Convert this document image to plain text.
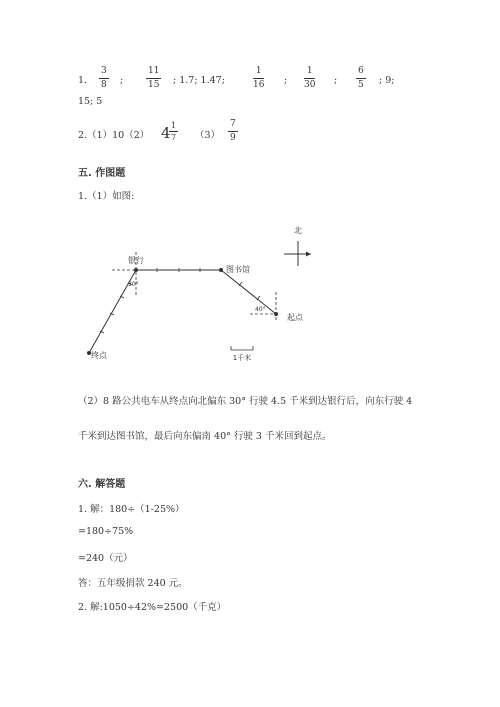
1.
3
8 ;
11
15 ; 1.7; 1.47;
1
16 ;
1
30 ;
6
5 ; 9;
15; 5
2.（1）10（2） 4 1
7 （3）
7
9
五. 作图题
1.（1）如图:
北
银行
图书馆
起点
终点
30°
40°
1千米
（2）8 路公共电车从终点向北偏东 30° 行驶 4.5 千米到达银行后，向东行驶 4
千米到达图书馆，最后向东偏南 40° 行驶 3 千米回到起点。
六. 解答题
1. 解：180÷（1-25%）
=180÷75%
=240（元）
答：五年级捐款 240 元。
2. 解:1050÷42%=2500（千克）
